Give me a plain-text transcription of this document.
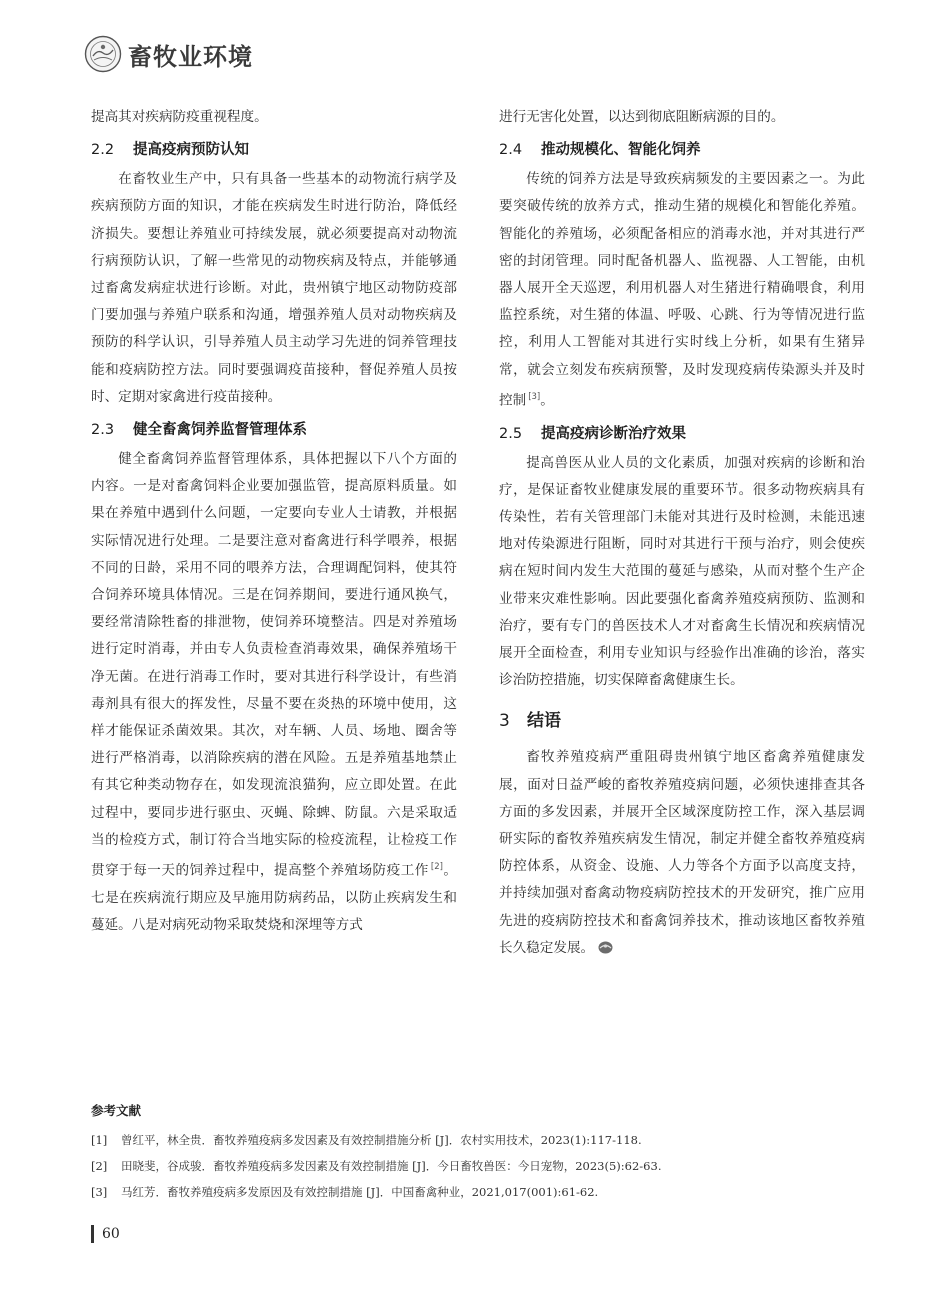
畜牧业环境

提高其对疾病防疫重视程度。

2.2 提高疫病预防认知

在畜牧业生产中，只有具备一些基本的动物流行病学及疾病预防方面的知识，才能在疾病发生时进行防治，降低经济损失。要想让养殖业可持续发展，就必须要提高对动物流行病预防认识，了解一些常见的动物疾病及特点，并能够通过畜禽发病症状进行诊断。对此，贵州镇宁地区动物防疫部门要加强与养殖户联系和沟通，增强养殖人员对动物疾病及预防的科学认识，引导养殖人员主动学习先进的饲养管理技能和疫病防控方法。同时要强调疫苗接种，督促养殖人员按时、定期对家禽进行疫苗接种。

2.3 健全畜禽饲养监督管理体系

健全畜禽饲养监督管理体系，具体把握以下八个方面的内容。一是对畜禽饲料企业要加强监管，提高原料质量。如果在养殖中遇到什么问题，一定要向专业人士请教，并根据实际情况进行处理。二是要注意对畜禽进行科学喂养，根据不同的日龄，采用不同的喂养方法，合理调配饲料，使其符合饲养环境具体情况。三是在饲养期间，要进行通风换气，要经常清除牲畜的排泄物，使饲养环境整洁。四是对养殖场进行定时消毒，并由专人负责检查消毒效果，确保养殖场干净无菌。在进行消毒工作时，要对其进行科学设计，有些消毒剂具有很大的挥发性，尽量不要在炎热的环境中使用，这样才能保证杀菌效果。其次，对车辆、人员、场地、圈舍等进行严格消毒，以消除疾病的潜在风险。五是养殖基地禁止有其它种类动物存在，如发现流浪猫狗，应立即处置。在此过程中，要同步进行驱虫、灭蝇、除蜱、防鼠。六是采取适当的检疫方式，制订符合当地实际的检疫流程，让检疫工作贯穿于每一天的饲养过程中，提高整个养殖场防疫工作 [2]。七是在疾病流行期应及早施用防病药品，以防止疾病发生和蔓延。八是对病死动物采取焚烧和深埋等方式

进行无害化处置，以达到彻底阻断病源的目的。

2.4 推动规模化、智能化饲养

传统的饲养方法是导致疾病频发的主要因素之一。为此要突破传统的放养方式，推动生猪的规模化和智能化养殖。智能化的养殖场，必须配备相应的消毒水池，并对其进行严密的封闭管理。同时配备机器人、监视器、人工智能，由机器人展开全天巡逻，利用机器人对生猪进行精确喂食，利用监控系统，对生猪的体温、呼吸、心跳、行为等情况进行监控，利用人工智能对其进行实时线上分析，如果有生猪异常，就会立刻发布疾病预警，及时发现疫病传染源头并及时控制 [3]。

2.5 提高疫病诊断治疗效果

提高兽医从业人员的文化素质，加强对疾病的诊断和治疗，是保证畜牧业健康发展的重要环节。很多动物疾病具有传染性，若有关管理部门未能对其进行及时检测，未能迅速地对传染源进行阻断，同时对其进行干预与治疗，则会使疾病在短时间内发生大范围的蔓延与感染，从而对整个生产企业带来灾难性影响。因此要强化畜禽养殖疫病预防、监测和治疗，要有专门的兽医技术人才对畜禽生长情况和疾病情况展开全面检查，利用专业知识与经验作出准确的诊治，落实诊治防控措施，切实保障畜禽健康生长。

3 结语

畜牧养殖疫病严重阻碍贵州镇宁地区畜禽养殖健康发展，面对日益严峻的畜牧养殖疫病问题，必须快速排查其各方面的多发因素，并展开全区域深度防控工作，深入基层调研实际的畜牧养殖疾病发生情况，制定并健全畜牧养殖疫病防控体系，从资金、设施、人力等各个方面予以高度支持，并持续加强对畜禽动物疫病防控技术的开发研究，推广应用先进的疫病防控技术和畜禽饲养技术，推动该地区畜牧养殖长久稳定发展。

参考文献
[1]	曾红平，林全贵．畜牧养殖疫病多发因素及有效控制措施分析 [J]．农村实用技术，2023(1):117-118.
[2]	田晓斐，谷成骏．畜牧养殖疫病多发因素及有效控制措施 [J]．今日畜牧兽医：今日宠物，2023(5):62-63.
[3]	马红芳．畜牧养殖疫病多发原因及有效控制措施 [J]．中国畜禽种业，2021,017(001):61-62.
60
